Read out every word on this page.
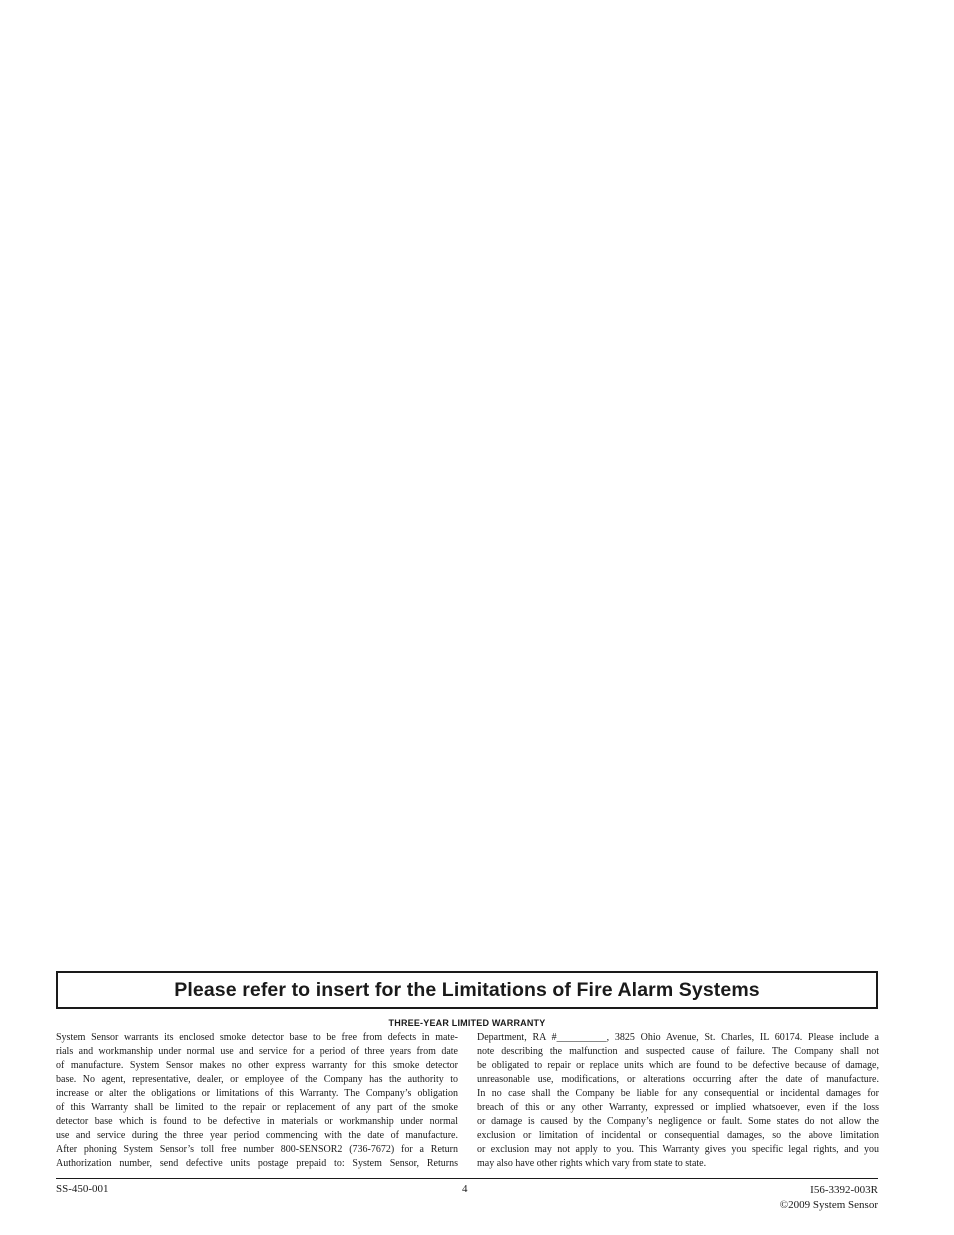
Please refer to insert for the Limitations of Fire Alarm Systems
THREE-YEAR LIMITED WARRANTY
System Sensor warrants its enclosed smoke detector base to be free from defects in mate-
rials and workmanship under normal use and service for a period of three years from date
of manufacture. System Sensor makes no other express warranty for this smoke detector
base. No agent, representative, dealer, or employee of the Company has the authority to
increase or alter the obligations or limitations of this Warranty. The Company’s obligation
of this Warranty shall be limited to the repair or replacement of any part of the smoke
detector base which is found to be defective in materials or workmanship under normal
use and service during the three year period commencing with the date of manufacture.
After phoning System Sensor’s toll free number 800-SENSOR2 (736-7672) for a Return
Authorization number, send defective units postage prepaid to: System Sensor, Returns
Department, RA #__________, 3825 Ohio Avenue, St. Charles, IL 60174. Please include a
note describing the malfunction and suspected cause of failure. The Company shall not
be obligated to repair or replace units which are found to be defective because of damage,
unreasonable use, modifications, or alterations occurring after the date of manufacture.
In no case shall the Company be liable for any consequential or incidental damages for
breach of this or any other Warranty, expressed or implied whatsoever, even if the loss
or damage is caused by the Company’s negligence or fault. Some states do not allow the
exclusion or limitation of incidental or consequential damages, so the above limitation
or exclusion may not apply to you. This Warranty gives you specific legal rights, and you
may also have other rights which vary from state to state.
SS-450-001	4	I56-3392-003R
©2009 System Sensor
